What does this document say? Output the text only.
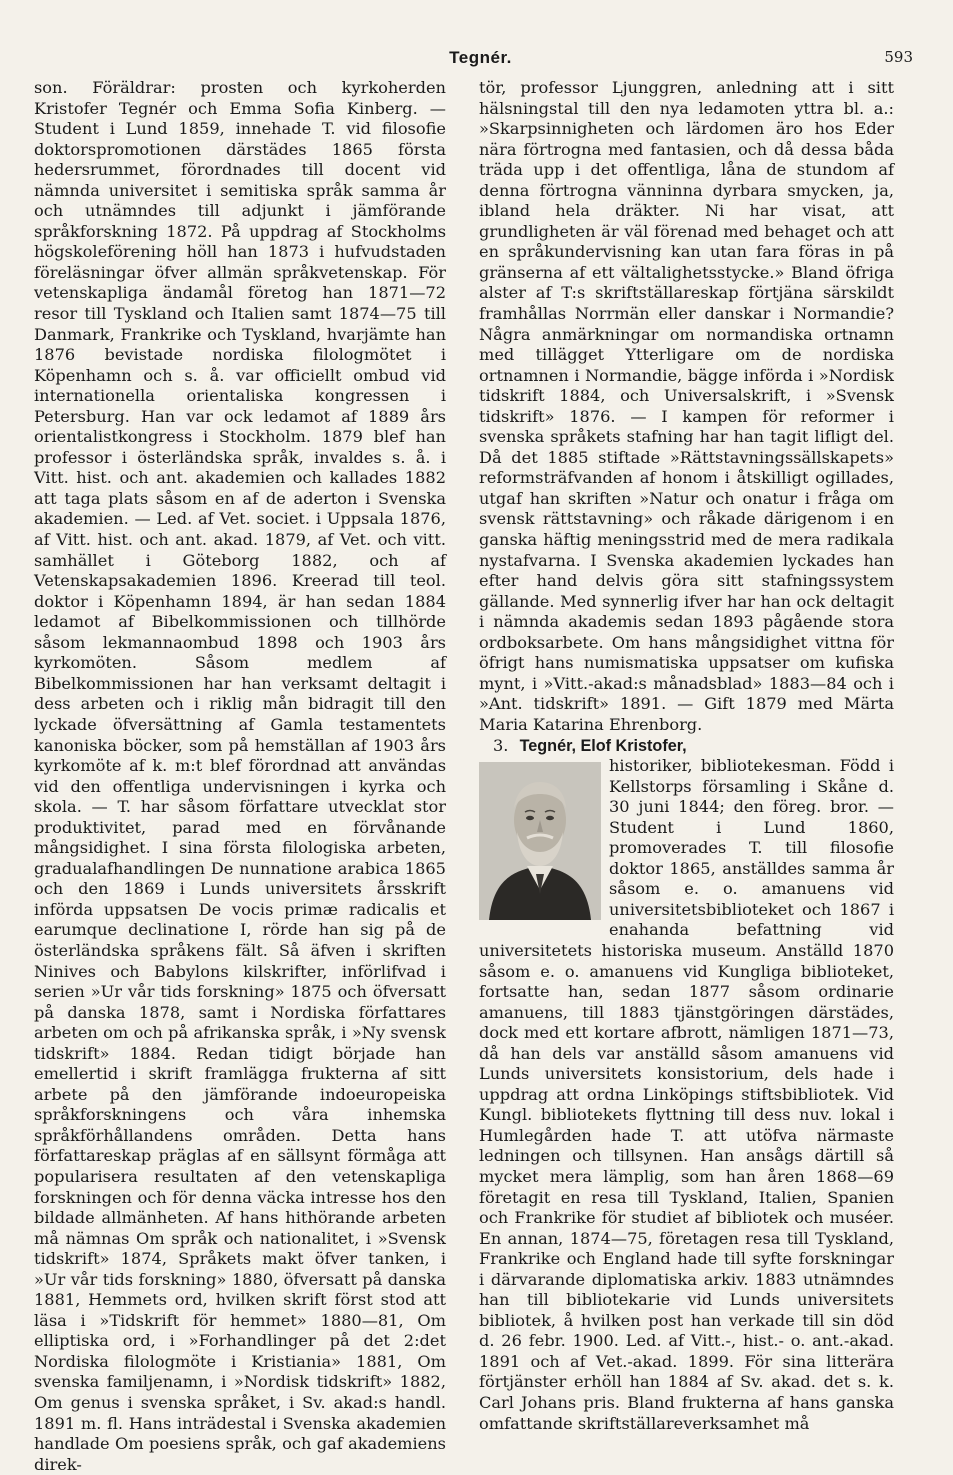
Tegnér.	593

son. Föräldrar: prosten och kyrkoherden Kristofer Tegnér och Emma Sofia Kinberg. — Student i Lund 1859, innehade T. vid filosofie doktorspromotionen därstädes 1865 första hedersrummet, förordnades till docent vid nämnda universitet i semitiska språk samma år och utnämndes till adjunkt i jämförande språkforskning 1872. På uppdrag af Stockholms högskoleförening höll han 1873 i hufvudstaden föreläsningar öfver allmän språkvetenskap. För vetenskapliga ändamål företog han 1871—72 resor till Tyskland och Italien samt 1874—75 till Danmark, Frankrike och Tyskland, hvarjämte han 1876 bevistade nordiska filologmötet i Köpenhamn och s. å. var officiellt ombud vid internationella orientaliska kongressen i Petersburg. Han var ock ledamot af 1889 års orientalistkongress i Stockholm. 1879 blef han professor i österländska språk, invaldes s. å. i Vitt. hist. och ant. akademien och kallades 1882 att taga plats såsom en af de aderton i Svenska akademien. — Led. af Vet. societ. i Uppsala 1876, af Vitt. hist. och ant. akad. 1879, af Vet. och vitt. samhället i Göteborg 1882, och af Vetenskapsakademien 1896. Kreerad till teol. doktor i Köpenhamn 1894, är han sedan 1884 ledamot af Bibelkommissionen och tillhörde såsom lekmannaombud 1898 och 1903 års kyrkomöten. Såsom medlem af Bibelkommissionen har han verksamt deltagit i dess arbeten och i riklig mån bidragit till den lyckade öfversättning af Gamla testamentets kanoniska böcker, som på hemställan af 1903 års kyrkomöte af k. m:t blef förordnad att användas vid den offentliga undervisningen i kyrka och skola. — T. har såsom författare utvecklat stor produktivitet, parad med en förvånande mångsidighet. I sina första filologiska arbeten, gradualafhandlingen De nunnatione arabica 1865 och den 1869 i Lunds universitets årsskrift införda uppsatsen De vocis primæ radicalis et earumque declinatione I, rörde han sig på de österländska språkens fält. Så äfven i skriften Ninives och Babylons kilskrifter, införlifvad i serien »Ur vår tids forskning» 1875 och öfversatt på danska 1878, samt i Nordiska författares arbeten om och på afrikanska språk, i »Ny svensk tidskrift» 1884. Redan tidigt började han emellertid i skrift framlägga frukterna af sitt arbete på den jämförande indoeuropeiska språkforskningens och våra inhemska språkförhållandens områden. Detta hans författareskap präglas af en sällsynt förmåga att popularisera resultaten af den vetenskapliga forskningen och för denna väcka intresse hos den bildade allmänheten. Af hans hithörande arbeten må nämnas Om språk och nationalitet, i »Svensk tidskrift» 1874, Språkets makt öfver tanken, i »Ur vår tids forskning» 1880, öfversatt på danska 1881, Hemmets ord, hvilken skrift först stod att läsa i »Tidskrift för hemmet» 1880—81, Om elliptiska ord, i »Forhandlinger på det 2:det Nordiska filologmöte i Kristiania» 1881, Om svenska familjenamn, i »Nordisk tidskrift» 1882, Om genus i svenska språket, i Sv. akad:s handl. 1891 m. fl. Hans inträdestal i Svenska akademien handlade Om poesiens språk, och gaf akademiens direk-

tör, professor Ljunggren, anledning att i sitt hälsningstal till den nya ledamoten yttra bl. a.: »Skarpsinnigheten och lärdomen äro hos Eder nära förtrogna med fantasien, och då dessa båda träda upp i det offentliga, låna de stundom af denna förtrogna vänninna dyrbara smycken, ja, ibland hela dräkter. Ni har visat, att grundligheten är väl förenad med behaget och att en språkundervisning kan utan fara föras in på gränserna af ett vältalighetsstycke.» Bland öfriga alster af T:s skriftställareskap förtjäna särskildt framhållas Norrmän eller danskar i Normandie? Några anmärkningar om normandiska ortnamn med tillägget Ytterligare om de nordiska ortnamnen i Normandie, bägge införda i »Nordisk tidskrift 1884, och Universalskrift, i »Svensk tidskrift» 1876. — I kampen för reformer i svenska språkets stafning har han tagit lifligt del. Då det 1885 stiftade »Rättstavningssällskapets» reformsträfvanden af honom i åtskilligt ogillades, utgaf han skriften »Natur och onatur i fråga om svensk rättstavning» och råkade därigenom i en ganska häftig meningsstrid med de mera radikala nystafvarna. I Svenska akademien lyckades han efter hand delvis göra sitt stafningssystem gällande. Med synnerlig ifver har han ock deltagit i nämnda akademis sedan 1893 pågående stora ordboksarbete. Om hans mångsidighet vittna för öfrigt hans numismatiska uppsatser om kufiska mynt, i »Vitt.-akad:s månadsblad» 1883—84 och i »Ant. tidskrift» 1891. — Gift 1879 med Märta Maria Katarina Ehrenborg.

3. Tegnér, Elof Kristofer,

historiker, bibliotekesman. Född i Kellstorps församling i Skåne d. 30 juni 1844; den föreg. bror. — Student i Lund 1860, promoverades T. till filosofie doktor 1865, anställdes samma år såsom e. o. amanuens vid universitetsbiblioteket och 1867 i enahanda befattning vid universitetets historiska museum. Anställd 1870 såsom e. o. amanuens vid Kungliga biblioteket, fortsatte han, sedan 1877 såsom ordinarie amanuens, till 1883 tjänstgöringen därstädes, dock med ett kortare afbrott, nämligen 1871—73, då han dels var anställd såsom amanuens vid Lunds universitets konsistorium, dels hade i uppdrag att ordna Linköpings stiftsbibliotek. Vid Kungl. bibliotekets flyttning till dess nuv. lokal i Humlegården hade T. att utöfva närmaste ledningen och tillsynen. Han ansågs därtill så mycket mera lämplig, som han åren 1868—69 företagit en resa till Tyskland, Italien, Spanien och Frankrike för studiet af bibliotek och muséer. En annan, 1874—75, företagen resa till Tyskland, Frankrike och England hade till syfte forskningar i därvarande diplomatiska arkiv. 1883 utnämndes han till bibliotekarie vid Lunds universitets bibliotek, å hvilken post han verkade till sin död d. 26 febr. 1900. Led. af Vitt.-, hist.- o. ant.-akad. 1891 och af Vet.-akad. 1899. För sina litterära förtjänster erhöll han 1884 af Sv. akad. det s. k. Carl Johans pris. Bland frukterna af hans ganska omfattande skriftställareverksamhet må
